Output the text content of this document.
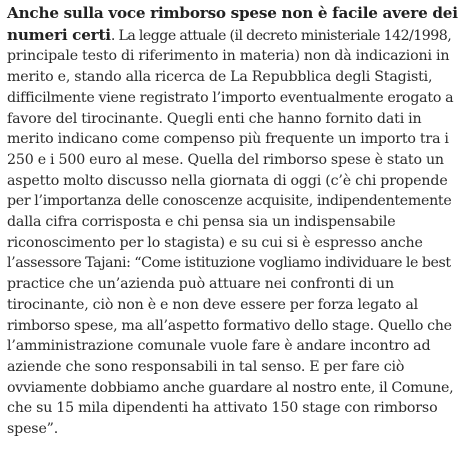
Anche sulla voce rimborso spese non è facile avere dei
numeri certi. La legge attuale (il decreto ministeriale 142/1998,
principale testo di riferimento in materia) non dà indicazioni in
merito e, stando alla ricerca de La Repubblica degli Stagisti,
difficilmente viene registrato l’importo eventualmente erogato a
favore del tirocinante. Quegli enti che hanno fornito dati in
merito indicano come compenso più frequente un importo tra i
250 e i 500 euro al mese. Quella del rimborso spese è stato un
aspetto molto discusso nella giornata di oggi (c’è chi propende
per l’importanza delle conoscenze acquisite, indipendentemente
dalla cifra corrisposta e chi pensa sia un indispensabile
riconoscimento per lo stagista) e su cui si è espresso anche
l’assessore Tajani: “Come istituzione vogliamo individuare le best
practice che un’azienda può attuare nei confronti di un
tirocinante, ciò non è e non deve essere per forza legato al
rimborso spese, ma all’aspetto formativo dello stage. Quello che
l’amministrazione comunale vuole fare è andare incontro ad
aziende che sono responsabili in tal senso. E per fare ciò
ovviamente dobbiamo anche guardare al nostro ente, il Comune,
che su 15 mila dipendenti ha attivato 150 stage con rimborso
spese”.
